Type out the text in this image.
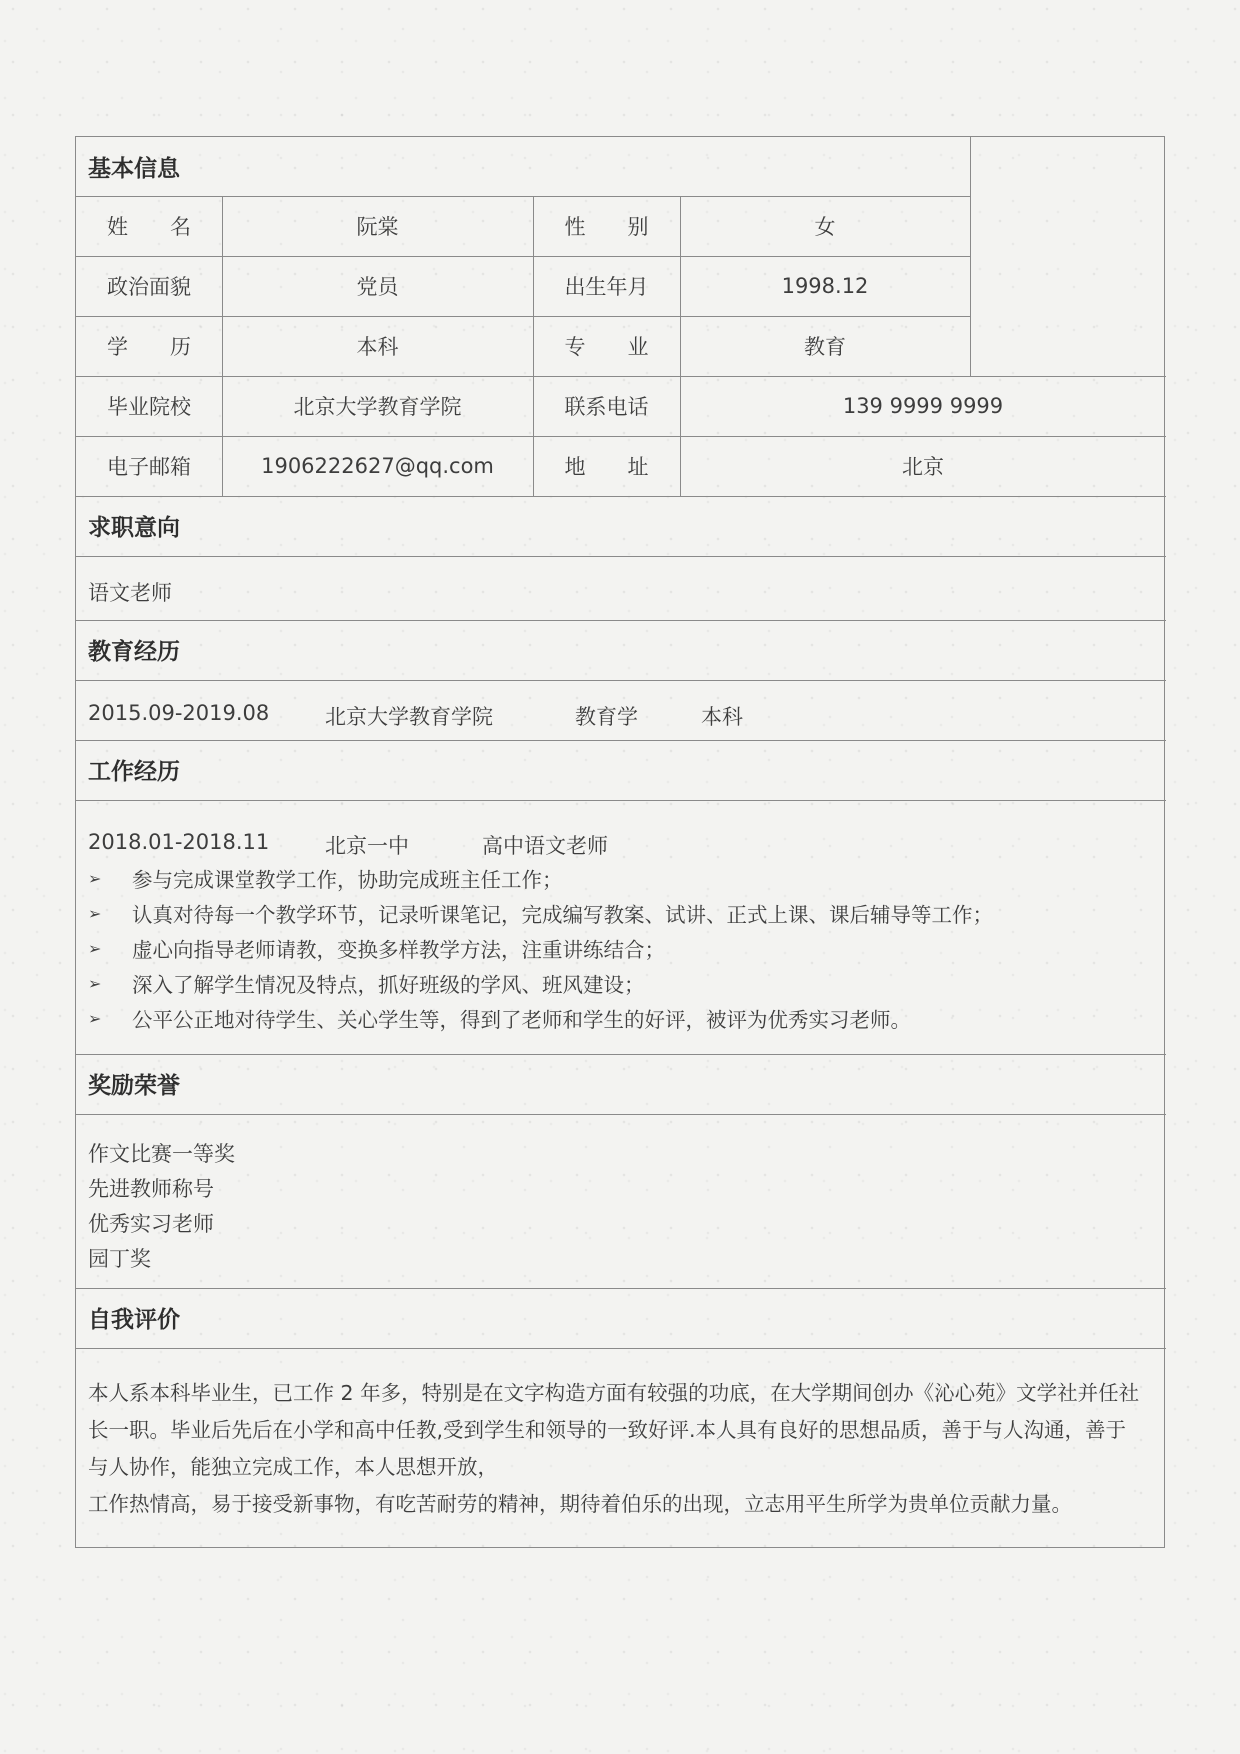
基本信息
姓　　名	阮棠	性　　别	女
政治面貌	党员	出生年月	1998.12
学　　历	本科	专　　业	教育
毕业院校	北京大学教育学院	联系电话	139 9999 9999
电子邮箱	1906222627@qq.com	地　　址	北京
求职意向
语文老师
教育经历
2015.09-2019.08	北京大学教育学院	教育学	本科
工作经历
2018.01-2018.11	北京一中	高中语文老师
➢	参与完成课堂教学工作，协助完成班主任工作；
➢	认真对待每一个教学环节，记录听课笔记，完成编写教案、试讲、正式上课、课后辅导等工作；
➢	虚心向指导老师请教，变换多样教学方法，注重讲练结合；
➢	深入了解学生情况及特点，抓好班级的学风、班风建设；
➢	公平公正地对待学生、关心学生等，得到了老师和学生的好评，被评为优秀实习老师。
奖励荣誉
作文比赛一等奖
先进教师称号
优秀实习老师
园丁奖
自我评价

本人系本科毕业生，已工作 2 年多，特别是在文字构造方面有较强的功底，在大学期间创办《沁心苑》文学社并任社

长一职。毕业后先后在小学和高中任教,受到学生和领导的一致好评.本人具有良好的思想品质，善于与人沟通，善于

与人协作，能独立完成工作，本人思想开放，

工作热情高，易于接受新事物，有吃苦耐劳的精神，期待着伯乐的出现，立志用平生所学为贵单位贡献力量。
